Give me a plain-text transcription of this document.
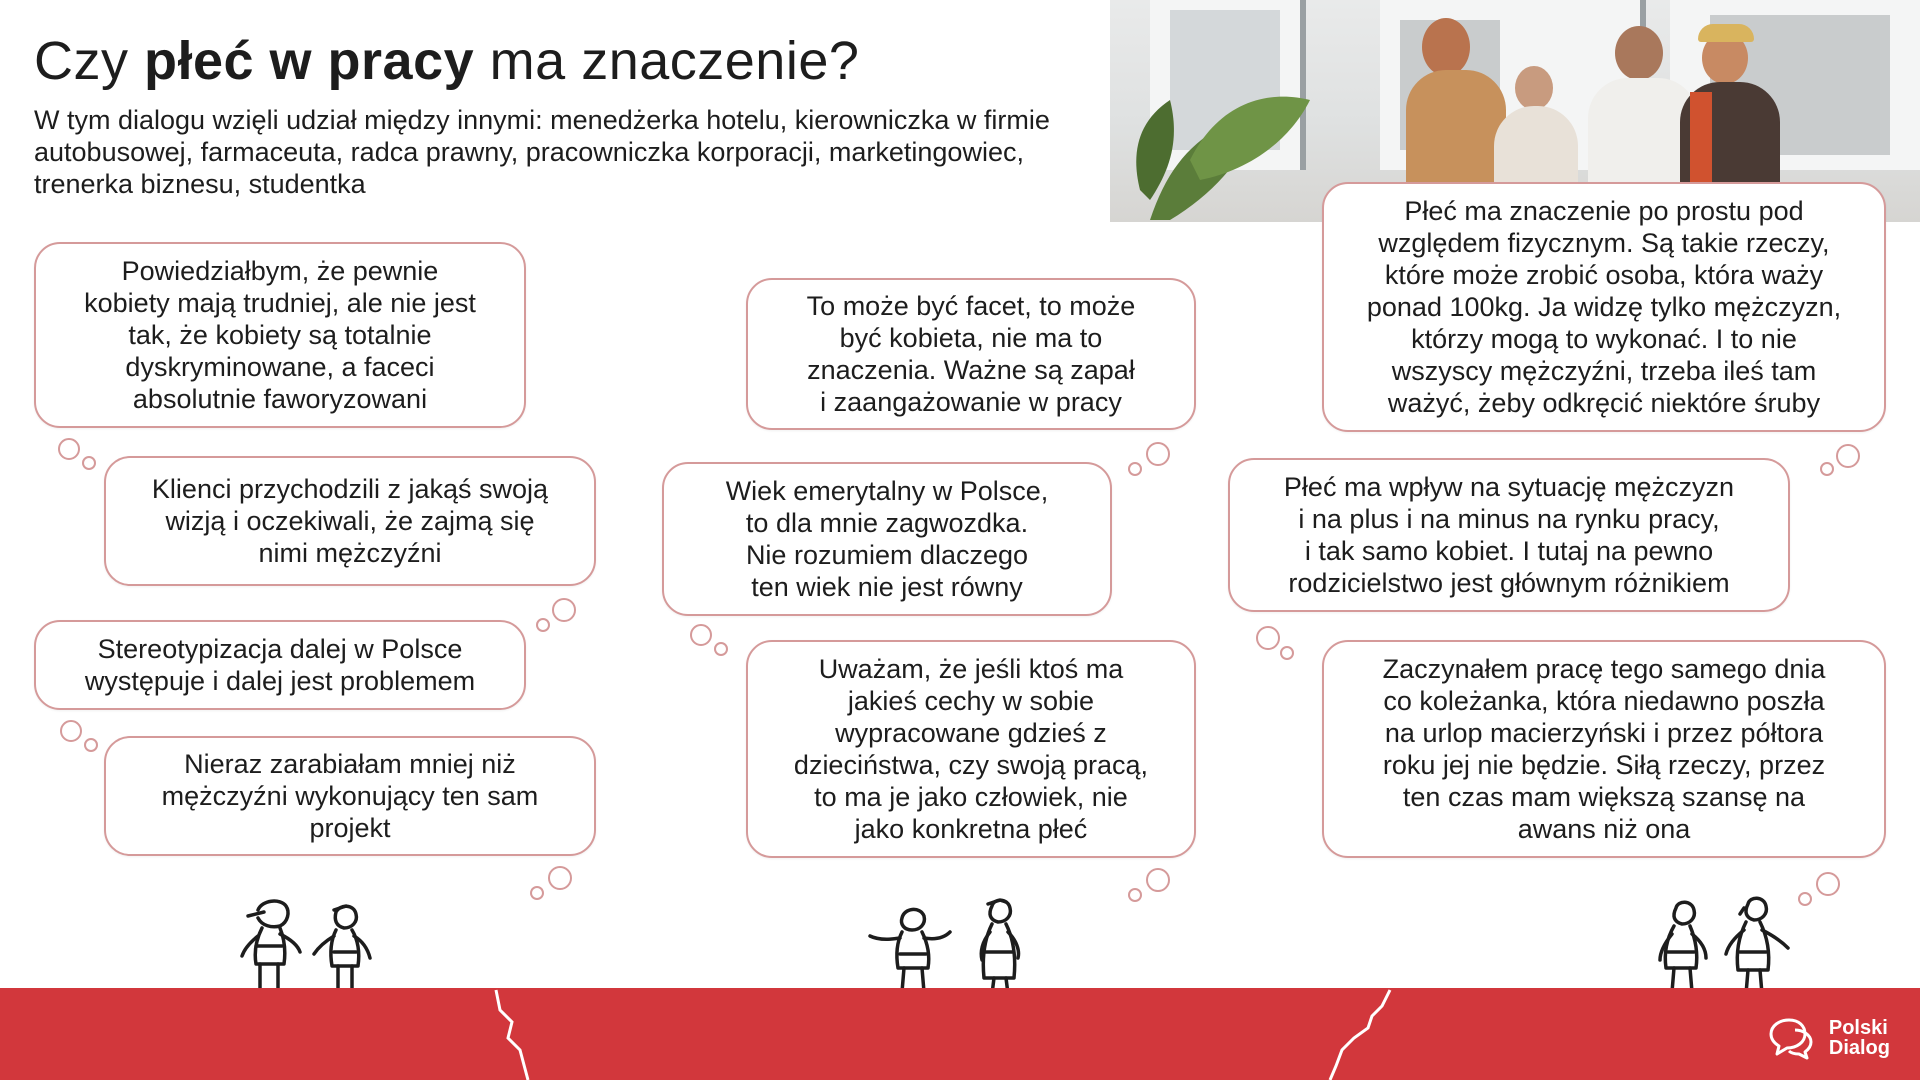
Czy płeć w pracy ma znaczenie?

W tym dialogu wzięli udział między innymi: menedżerka hotelu, kierowniczka w firmie autobusowej, farmaceuta, radca prawny, pracowniczka korporacji, marketingowiec, trenerka biznesu, studentka

Powiedziałbym, że pewnie
kobiety mają trudniej, ale nie jest
tak, że kobiety są totalnie
dyskryminowane, a faceci
absolutnie faworyzowani
Klienci przychodzili z jakąś swoją
wizją i oczekiwali, że zajmą się
nimi mężczyźni
Stereotypizacja dalej w Polsce
występuje i dalej jest problemem
Nieraz zarabiałam mniej niż
mężczyźni wykonujący ten sam
projekt
To może być facet, to może
być kobieta, nie ma to
znaczenia. Ważne są zapał
i zaangażowanie w pracy
Wiek emerytalny w Polsce,
to dla mnie zagwozdka.
Nie rozumiem dlaczego
ten wiek nie jest równy
Uważam, że jeśli ktoś ma
jakieś cechy w sobie
wypracowane gdzieś z
dzieciństwa, czy swoją pracą,
to ma je jako człowiek, nie
jako konkretna płeć
Płeć ma znaczenie po prostu pod
względem fizycznym. Są takie rzeczy,
które może zrobić osoba, która waży
ponad 100kg. Ja widzę tylko mężczyzn,
którzy mogą to wykonać. I to nie
wszyscy mężczyźni, trzeba ileś tam
ważyć, żeby odkręcić niektóre śruby
Płeć ma wpływ na sytuację mężczyzn
i na plus i na minus na rynku pracy,
i tak samo kobiet. I tutaj na pewno
rodzicielstwo jest głównym różnikiem
Zaczynałem pracę tego samego dnia
co koleżanka, która niedawno poszła
na urlop macierzyński i przez półtora
roku jej nie będzie. Siłą rzeczy, przez
ten czas mam większą szansę na
awans niż ona
Polski
Dialog
